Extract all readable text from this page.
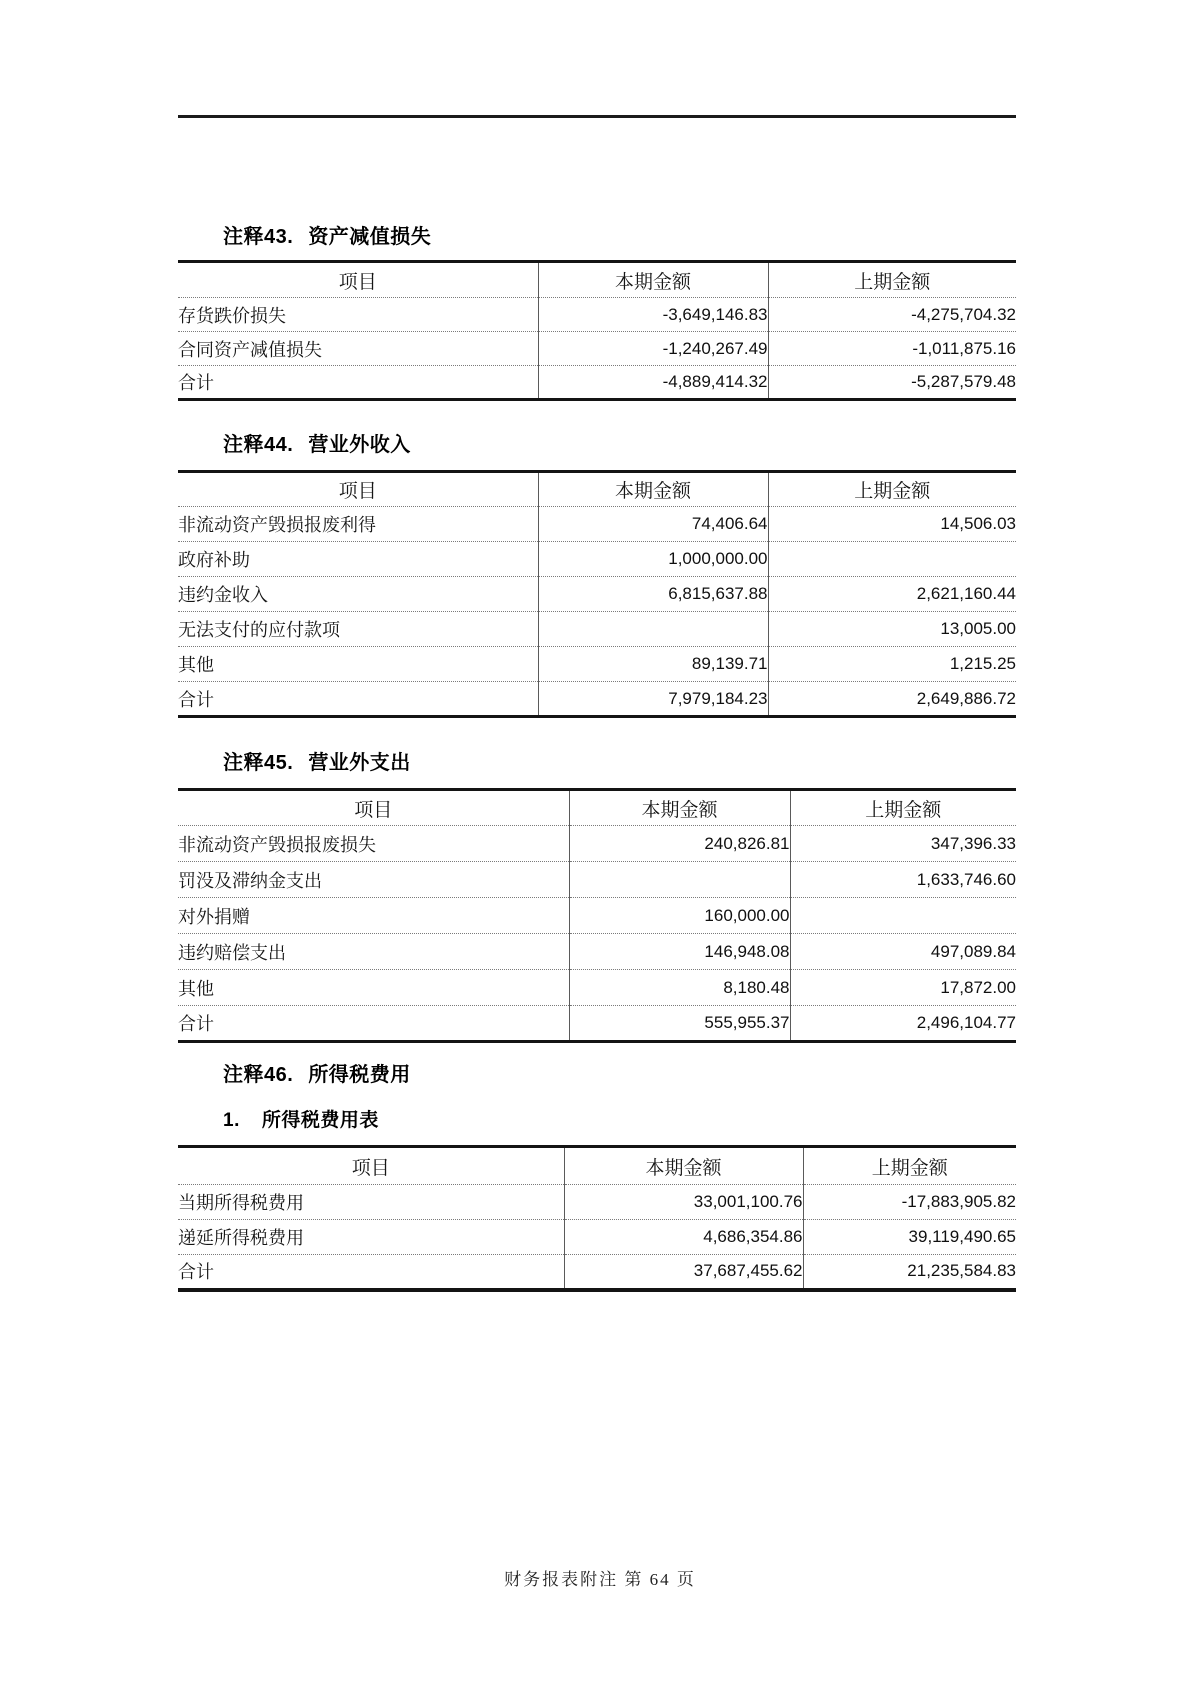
注释43. 资产减值损失
项目	本期金额	上期金额
存货跌价损失	-3,649,146.83	-4,275,704.32
合同资产减值损失	-1,240,267.49	-1,011,875.16
合计	-4,889,414.32	-5,287,579.48
注释44. 营业外收入
项目	本期金额	上期金额
非流动资产毁损报废利得	74,406.64	14,506.03
政府补助	1,000,000.00	
违约金收入	6,815,637.88	2,621,160.44
无法支付的应付款项		13,005.00
其他	89,139.71	1,215.25
合计	7,979,184.23	2,649,886.72
注释45. 营业外支出
项目	本期金额	上期金额
非流动资产毁损报废损失	240,826.81	347,396.33
罚没及滞纳金支出		1,633,746.60
对外捐赠	160,000.00	
违约赔偿支出	146,948.08	497,089.84
其他	8,180.48	17,872.00
合计	555,955.37	2,496,104.77
注释46. 所得税费用
1. 所得税费用表
项目	本期金额	上期金额
当期所得税费用	33,001,100.76	-17,883,905.82
递延所得税费用	4,686,354.86	39,119,490.65
合计	37,687,455.62	21,235,584.83
财务报表附注 第 64 页
